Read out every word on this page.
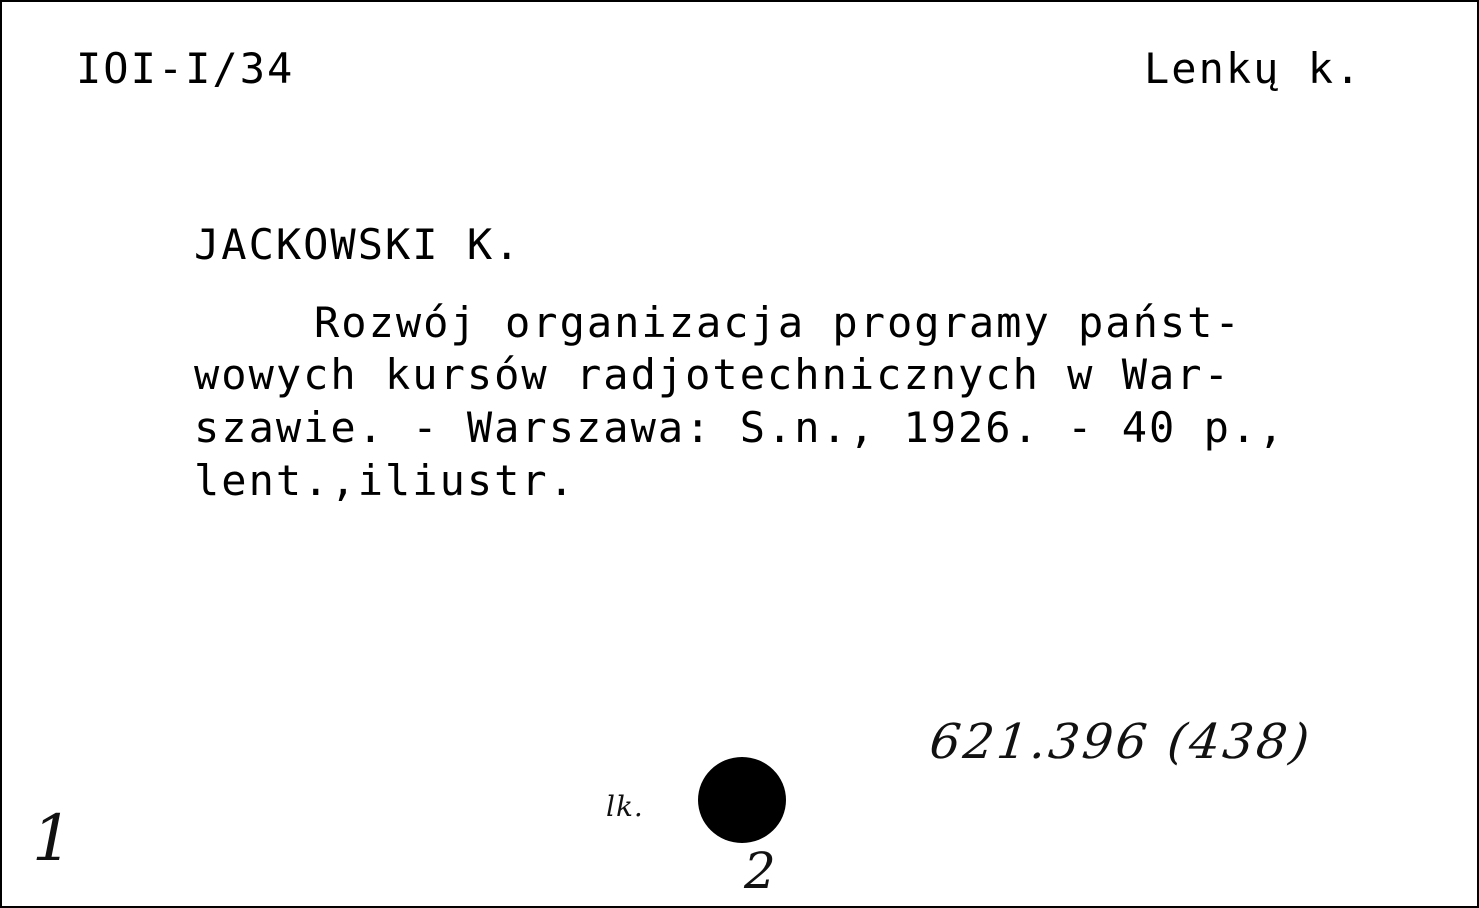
IOI-I/34	Lenkų k.
JACKOWSKI K.
Rozwój organizacja programy państ-
wowych kursów radjotechnicznych w War-
szawie. - Warszawa: S.n., 1926. - 40 p.,
lent.,iliustr.
621.396 (438)
1	lk.
2
